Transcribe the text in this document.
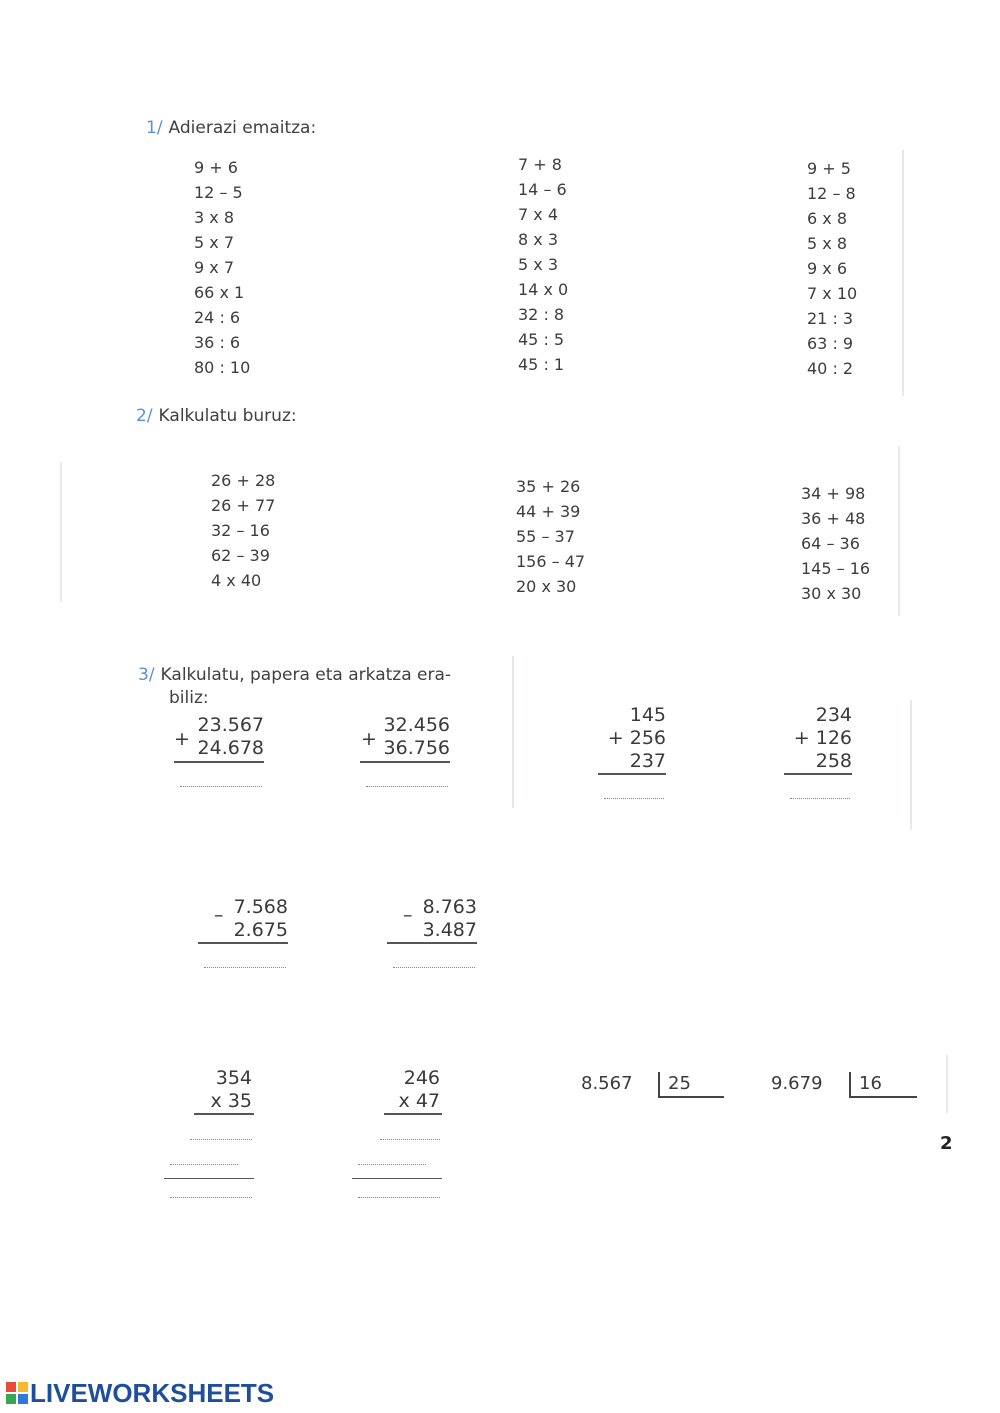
1/ Adierazi emaitza:
9 + 6
12 – 5
3 x 8
5 x 7
9 x 7
66 x 1
24 : 6
36 : 6
80 : 10
7 + 8
14 – 6
7 x 4
8 x 3
5 x 3
14 x 0
32 : 8
45 : 5
45 : 1
9 + 5
12 – 8
6 x 8
5 x 8
9 x 6
7 x 10
21 : 3
63 : 9
40 : 2
2/ Kalkulatu buruz:
26 + 28
26 + 77
32 – 16
62 – 39
4 x 40
35 + 26
44 + 39
55 – 37
156 – 47
20 x 30
34 + 98
36 + 48
64 – 36
145 – 16
30 x 30
3/ Kalkulatu, papera eta arkatza era-
biliz:
+
23.567
24.678	+
32.456
36.756
145
+ 256
237
234
+ 126
258
– 7.568
2.675
– 8.763
3.487
354
x 35
246
x 47
8.567	25	9.679	16
2
LIVEWORKSHEETS
